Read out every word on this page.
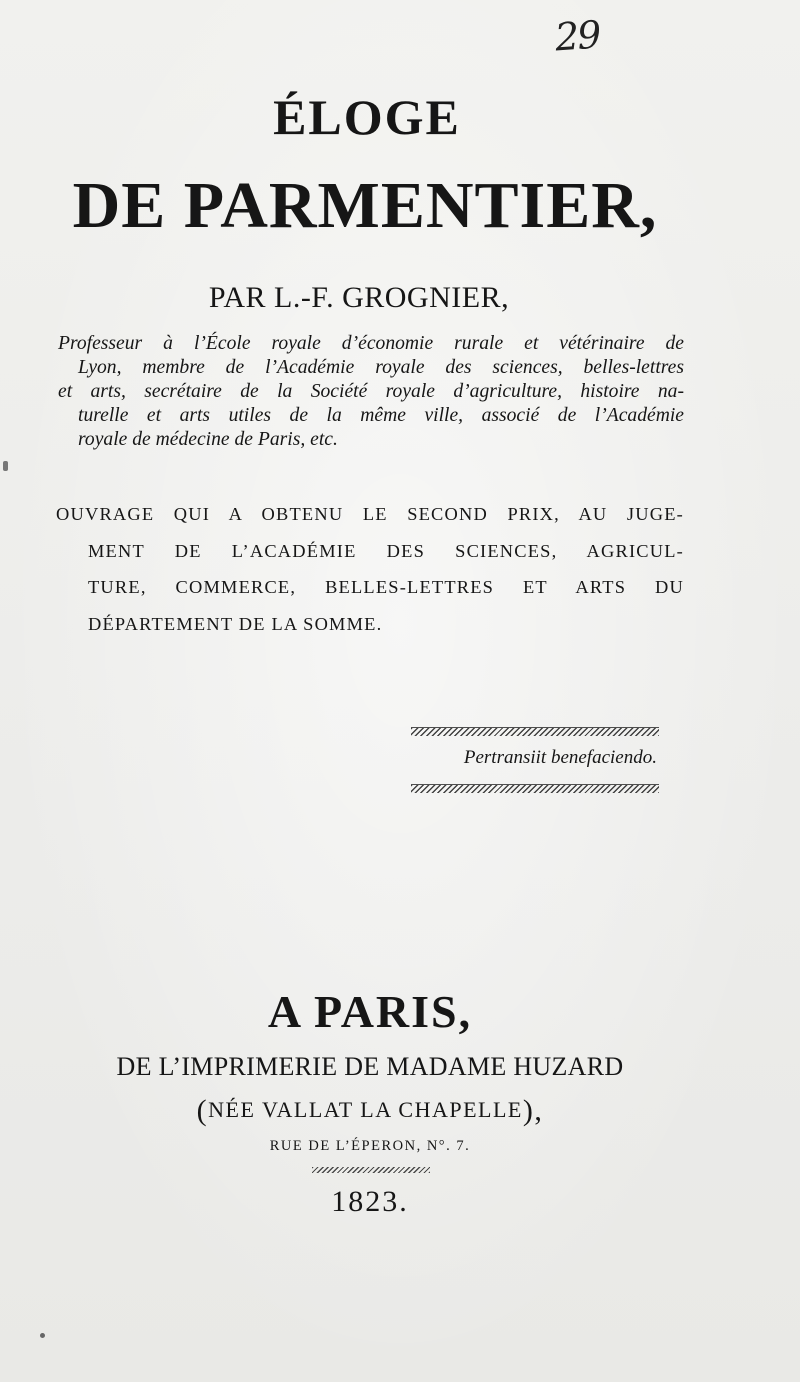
29
ÉLOGE
DE PARMENTIER,
PAR L.-F. GROGNIER,
Professeur à l’École royale d’économie rurale et vétérinaire de
Lyon, membre de l’Académie royale des sciences, belles-lettres
et arts, secrétaire de la Société royale d’agriculture, histoire na-
turelle et arts utiles de la même ville, associé de l’Académie
royale de médecine de Paris, etc.
OUVRAGE QUI A OBTENU LE SECOND PRIX, AU JUGE-
MENT DE L’ACADÉMIE DES SCIENCES, AGRICUL-
TURE, COMMERCE, BELLES-LETTRES ET ARTS DU
DÉPARTEMENT DE LA SOMME.
Pertransiit benefaciendo.
A PARIS,
DE L’IMPRIMERIE DE MADAME HUZARD
(NÉE VALLAT LA CHAPELLE),
RUE DE L’ÉPERON, N°. 7.
1823.
